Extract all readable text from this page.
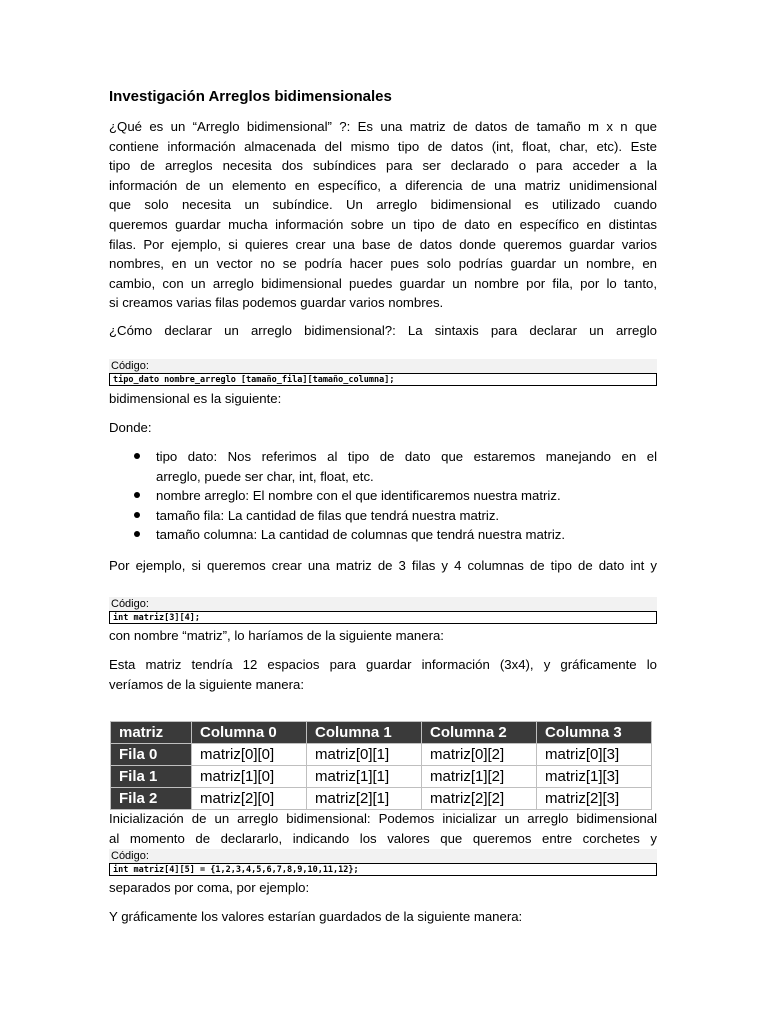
Investigación Arreglos bidimensionales
¿Qué es un “Arreglo bidimensional” ?: Es una matriz de datos de tamaño m x n que
contiene información almacenada del mismo tipo de datos (int, float, char, etc). Este
tipo de arreglos necesita dos subíndices para ser declarado o para acceder a la
información de un elemento en específico, a diferencia de una matriz unidimensional
que solo necesita un subíndice. Un arreglo bidimensional es utilizado cuando
queremos guardar mucha información sobre un tipo de dato en específico en distintas
filas. Por ejemplo, si quieres crear una base de datos donde queremos guardar varios
nombres, en un vector no se podría hacer pues solo podrías guardar un nombre, en
cambio, con un arreglo bidimensional puedes guardar un nombre por fila, por lo tanto,
si creamos varias filas podemos guardar varios nombres.
¿Cómo declarar un arreglo bidimensional?: La sintaxis para declarar un arreglo
Código:
tipo_dato nombre_arreglo [tamaño_fila][tamaño_columna];
bidimensional es la siguiente:
Donde:
tipo dato: Nos referimos al tipo de dato que estaremos manejando en el
arreglo, puede ser char, int, float, etc.
nombre arreglo: El nombre con el que identificaremos nuestra matriz.
tamaño fila: La cantidad de filas que tendrá nuestra matriz.
tamaño columna: La cantidad de columnas que tendrá nuestra matriz.
Por ejemplo, si queremos crear una matriz de 3 filas y 4 columnas de tipo de dato int y
Código:
int matriz[3][4];
con nombre “matriz”, lo haríamos de la siguiente manera:
Esta matriz tendría 12 espacios para guardar información (3x4), y gráficamente lo
veríamos de la siguiente manera:
matriz	Columna 0	Columna 1	Columna 2	Columna 3
Fila 0	matriz[0][0]	matriz[0][1]	matriz[0][2]	matriz[0][3]
Fila 1	matriz[1][0]	matriz[1][1]	matriz[1][2]	matriz[1][3]
Fila 2	matriz[2][0]	matriz[2][1]	matriz[2][2]	matriz[2][3]
Inicialización de un arreglo bidimensional: Podemos inicializar un arreglo bidimensional
al momento de declararlo, indicando los valores que queremos entre corchetes y
Código:
int matriz[4][5] = {1,2,3,4,5,6,7,8,9,10,11,12};
separados por coma, por ejemplo:
Y gráficamente los valores estarían guardados de la siguiente manera:
